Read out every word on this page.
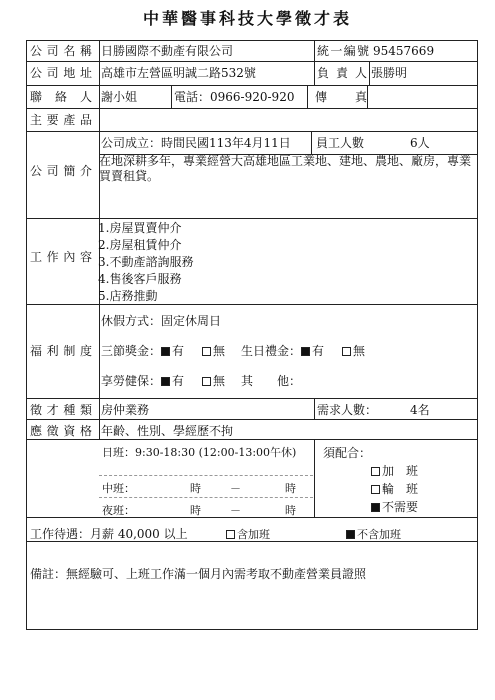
中華醫事科技大學徵才表
公司名稱 日勝國際不動產有限公司	統一編號 95457669
公司地址 高雄市左營區明誠二路532號	負責人 張勝明
聯絡人 謝小姐	電話：0966-920-920 傳真
主要產品
公司簡介
公司成立：時間民國113年4月11日 員工人數	6人
在地深耕多年，專業經營大高雄地區工業地、建地、農地、廠房，專業買賣租貸。
工作內容
1.房屋買賣仲介
2.房屋租賃仲介
3.不動產諮詢服務
4.售後客戶服務
5.店務推動
福利制度
休假方式：固定休周日
三節獎金： 有 無 生日禮金： 有 無
享勞健保： 有 無 其　　他：
徵才種類 房仲業務	需求人數：	4名
應徵資格 年齡、性別、學經歷不拘
日班：9:30-18:30 (12:00-13:00午休)
中班：	時	－	時
夜班：	時	－	時
須配合：
加　班
輪　班
不需要
工作待遇：月薪 40,000 以上	含加班	不含加班
備註：無經驗可、上班工作滿一個月內需考取不動產營業員證照
